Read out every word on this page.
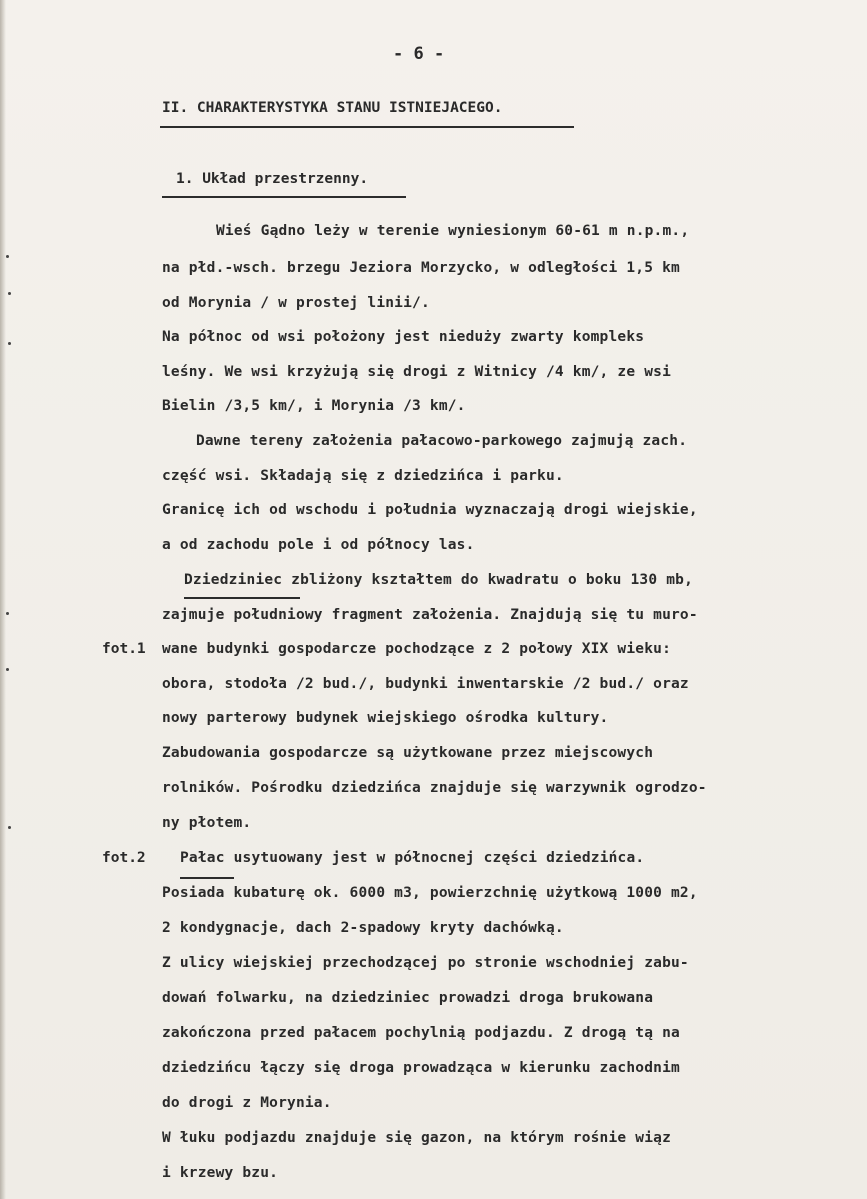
- 6 -
II. CHARAKTERYSTYKA STANU ISTNIEJACEGO.
1. Układ przestrzenny.
fot.1
fot.2
Wieś Gądno leży w terenie wyniesionym 60-61 m n.p.m.,
na płd.-wsch. brzegu Jeziora Morzycko, w odległości 1,5 km
od Morynia / w prostej linii/.
Na północ od wsi położony jest nieduży zwarty kompleks
leśny. We wsi krzyżują się drogi z Witnicy /4 km/, ze wsi
Bielin /3,5 km/, i Morynia /3 km/.
Dawne tereny założenia pałacowo-parkowego zajmują zach.
część wsi. Składają się z dziedzińca i parku.
Granicę ich od wschodu i południa wyznaczają drogi wiejskie,
a od zachodu pole i od północy las.
Dziedziniec zbliżony kształtem do kwadratu o boku 130 mb,
zajmuje południowy fragment założenia. Znajdują się tu muro-
wane budynki gospodarcze pochodzące z 2 połowy XIX wieku:
obora, stodoła /2 bud./, budynki inwentarskie /2 bud./ oraz
nowy parterowy budynek wiejskiego ośrodka kultury.
Zabudowania gospodarcze są użytkowane przez miejscowych
rolników. Pośrodku dziedzińca znajduje się warzywnik ogrodzo-
ny płotem.
Pałac usytuowany jest w północnej części dziedzińca.
Posiada kubaturę ok. 6000 m3, powierzchnię użytkową 1000 m2,
2 kondygnacje, dach 2-spadowy kryty dachówką.
Z ulicy wiejskiej przechodzącej po stronie wschodniej zabu-
dowań folwarku, na dziedziniec prowadzi droga brukowana
zakończona przed pałacem pochylnią podjazdu. Z drogą tą na
dziedzińcu łączy się droga prowadząca w kierunku zachodnim
do drogi z Morynia.
W łuku podjazdu znajduje się gazon, na którym rośnie wiąz
i krzewy bzu.
